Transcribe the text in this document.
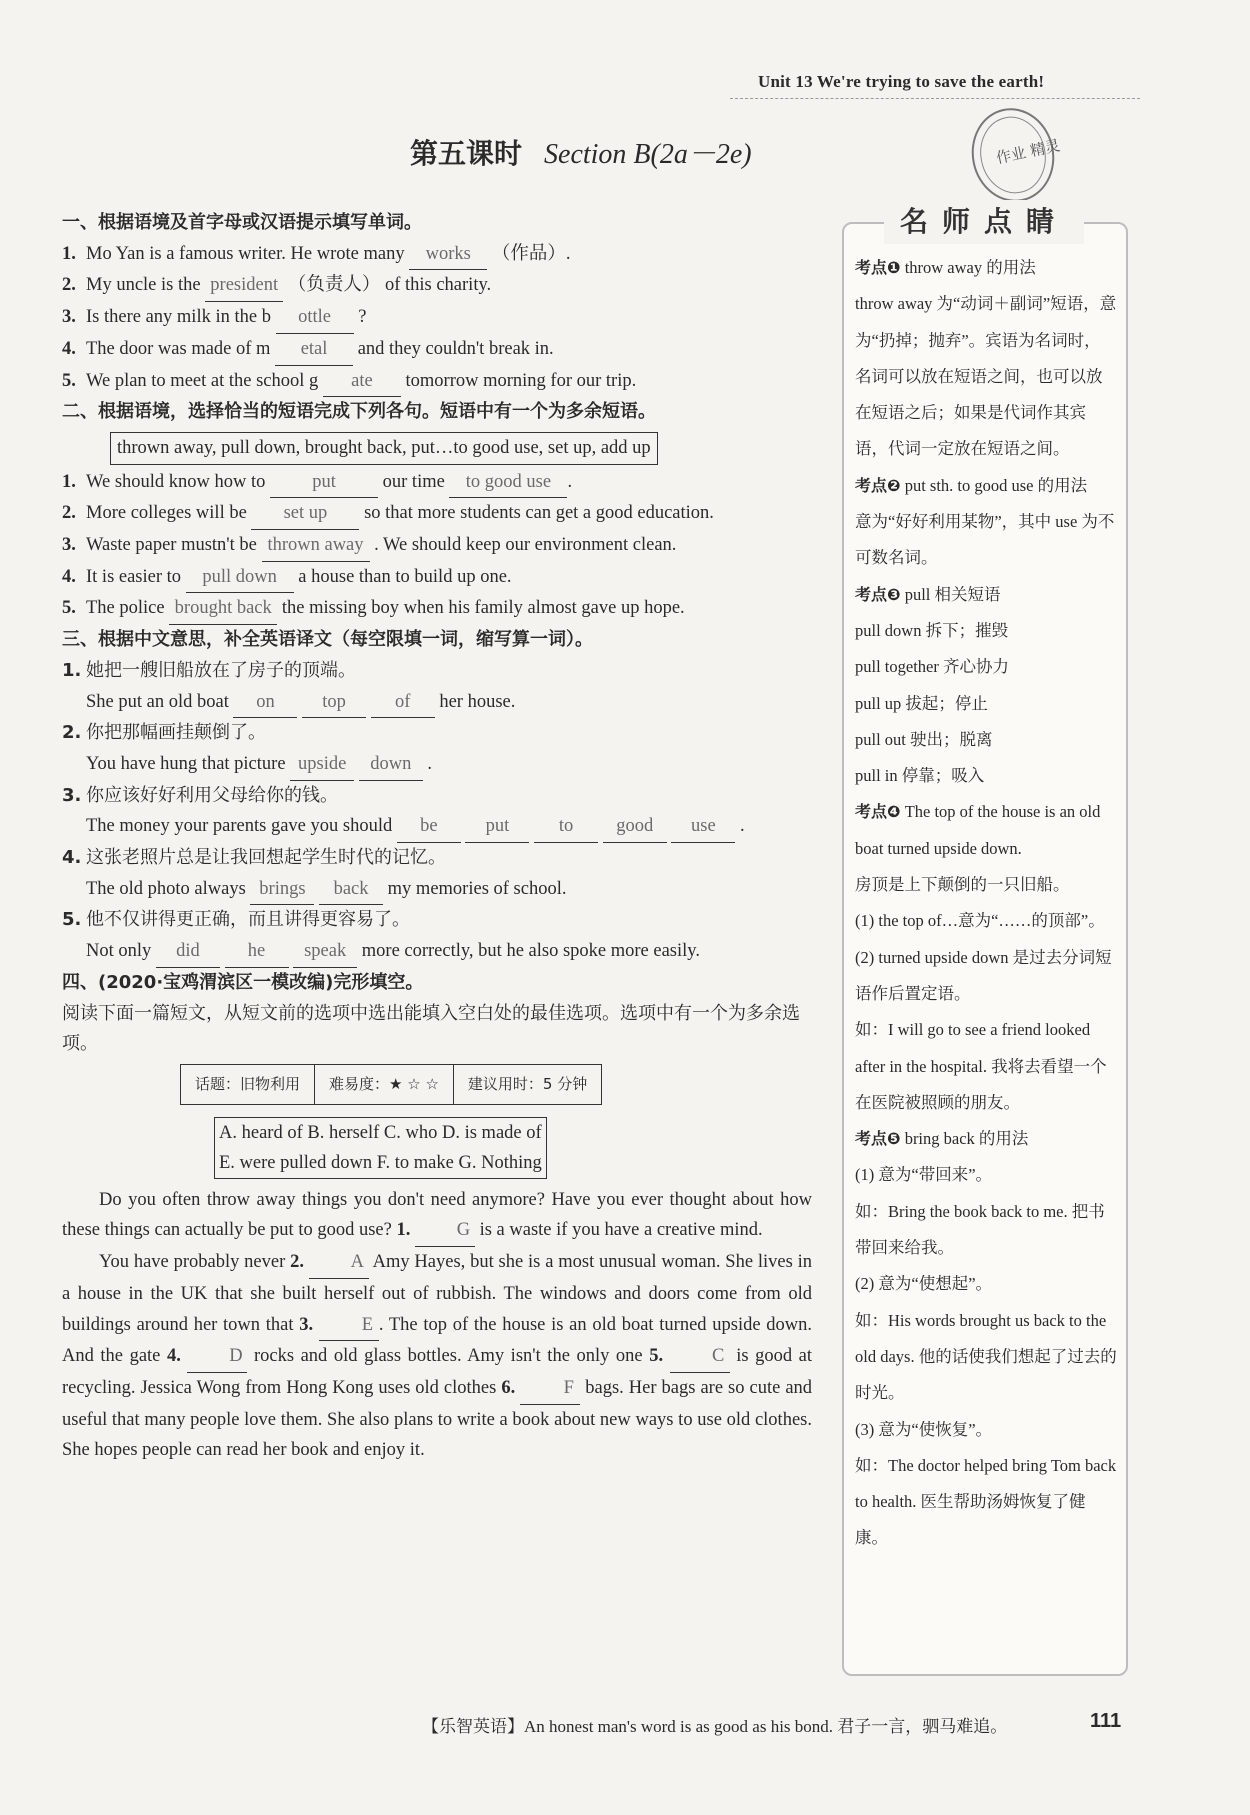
Unit 13 We're trying to save the earth!
作业 精灵
第五课时 Section B(2a－2e)
一、根据语境及首字母或汉语提示填写单词。
1. Mo Yan is a famous writer. He wrote many works （作品）.
2. My uncle is the president （负责人） of this charity.
3. Is there any milk in the b ottle ?
4. The door was made of m etal and they couldn't break in.
5. We plan to meet at the school g ate tomorrow morning for our trip.
二、根据语境，选择恰当的短语完成下列各句。短语中有一个为多余短语。
thrown away, pull down, brought back, put…to good use, set up, add up
1. We should know how to	put	our time to good use .
2. More colleges will be set up so that more students can get a good education.
3. Waste paper mustn't be thrown away . We should keep our environment clean.
4. It is easier to pull down a house than to build up one.
5. The police brought back the missing boy when his family almost gave up hope.
三、根据中文意思，补全英语译文（每空限填一词，缩写算一词）。
1. 她把一艘旧船放在了房子的顶端。
She put an old boat on	top	of her house.
2. 你把那幅画挂颠倒了。
You have hung that picture upside down .
3. 你应该好好利用父母给你的钱。
The money your parents gave you should be	put	to good use .
4. 这张老照片总是让我回想起学生时代的记忆。
The old photo always brings back my memories of school.
5. 他不仅讲得更正确，而且讲得更容易了。
Not only did	he speak more correctly, but he also spoke more easily.
四、(2020·宝鸡渭滨区一模改编)完形填空。
阅读下面一篇短文，从短文前的选项中选出能填入空白处的最佳选项。选项中有一个为多余选项。
话题：旧物利用	难易度：★ ☆ ☆	建议用时：5 分钟
A. heard of B. herself C. who D. is made of
E. were pulled down F. to make G. Nothing
Do you often throw away things you don't need anymore? Have you ever thought about how these things can actually be put to good use? 1.	G is a waste if you have a creative mind.
You have probably never 2.	A Amy Hayes, but she is a most unusual woman. She lives in a house in the UK that she built herself out of rubbish. The windows and doors come from old buildings around her town that 3.	E . The top of the house is an old boat turned upside down. And the gate 4.	D rocks and old glass bottles. Amy isn't the only one 5.	C is good at recycling. Jessica Wong from Hong Kong uses old clothes 6.	F bags. Her bags are so cute and useful that many people love them. She also plans to write a book about new ways to use old clothes. She hopes people can read her book and enjoy it.
名师点睛
考点❶ throw away 的用法
throw away 为“动词＋副词”短语，意为“扔掉；抛弃”。宾语为名词时，名词可以放在短语之间，也可以放在短语之后；如果是代词作其宾语，代词一定放在短语之间。
考点❷ put sth. to good use 的用法
意为“好好利用某物”，其中 use 为不可数名词。
考点❸ pull 相关短语
pull down 拆下；摧毁
pull together 齐心协力
pull up 拔起；停止
pull out 驶出；脱离
pull in 停靠；吸入
考点❹ The top of the house is an old boat turned upside down.
房顶是上下颠倒的一只旧船。
(1) the top of…意为“……的顶部”。
(2) turned upside down 是过去分词短语作后置定语。
如：I will go to see a friend looked after in the hospital. 我将去看望一个在医院被照顾的朋友。
考点❺ bring back 的用法
(1) 意为“带回来”。
如：Bring the book back to me. 把书带回来给我。
(2) 意为“使想起”。
如：His words brought us back to the old days. 他的话使我们想起了过去的时光。
(3) 意为“使恢复”。
如：The doctor helped bring Tom back to health. 医生帮助汤姆恢复了健康。
【乐智英语】An honest man's word is as good as his bond. 君子一言，驷马难追。	111
